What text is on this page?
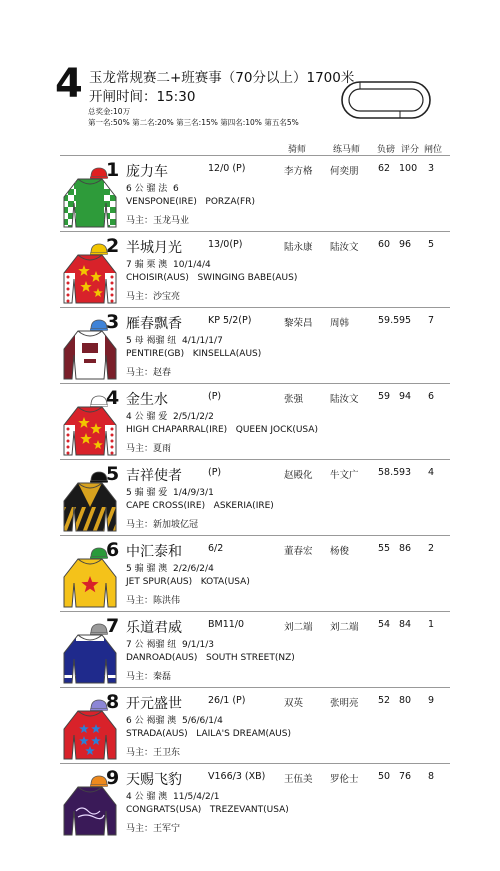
4 玉龙常规赛二+班赛事（70分以上）1700米
开闸时间：15:30
总奖金:10万
第一名:50% 第二名:20% 第三名:15% 第四名:10% 第五名5%
骑师	练马师 负磅 评分 闸位
1 庞力车	12/0 (P)	李方格 何奕朋 62 100 3
6 公 骝 法  6
VENSPONE(IRE)   PORZA(FR)
马主：玉龙马业
2 半城月光	13/0(P)	陆永康 陆汝文 60 96 5
7 骟 栗 澳  10/1/4/4
CHOISIR(AUS)   SWINGING BABE(AUS)
马主：沙宝亮
3 雁春飘香	KP 5/2(P)	黎荣昌 周韩	59.5 95 7
5 母 褐骝 纽  4/1/1/1/7
PENTIRE(GB)   KINSELLA(AUS)
马主：赵春
4 金生水	(P)	张强	陆汝文 59 94 6
4 公 骝 爱  2/5/1/2/2
HIGH CHAPARRAL(IRE)   QUEEN JOCK(USA)
马主：夏雨
5 吉祥使者	(P)	赵殿化 牛文广 58.5 93 4
5 骟 骝 爱  1/4/9/3/1
CAPE CROSS(IRE)   ASKERIA(IRE)
马主：新加坡亿冠
6 中汇泰和	6/2	董春宏 杨俊	55 86 2
5 骟 骝 澳  2/2/6/2/4
JET SPUR(AUS)   KOTA(USA)
马主：陈洪伟
7 乐道君威	BM11/0	刘二端 刘二端 54 84 1
7 公 褐骝 纽  9/1/1/3
DANROAD(AUS)   SOUTH STREET(NZ)
马主：秦磊
8 开元盛世	26/1 (P)	双英	张明亮 52 80 9
6 公 褐骝 澳  5/6/6/1/4
STRADA(AUS)   LAILA'S DREAM(AUS)
马主：王卫东
9 天赐飞豹	V166/3 (XB) 王伍美 罗伦士 50 76 8
4 公 骝 澳  11/5/4/2/1
CONGRATS(USA)   TREZEVANT(USA)
马主：王军宁
